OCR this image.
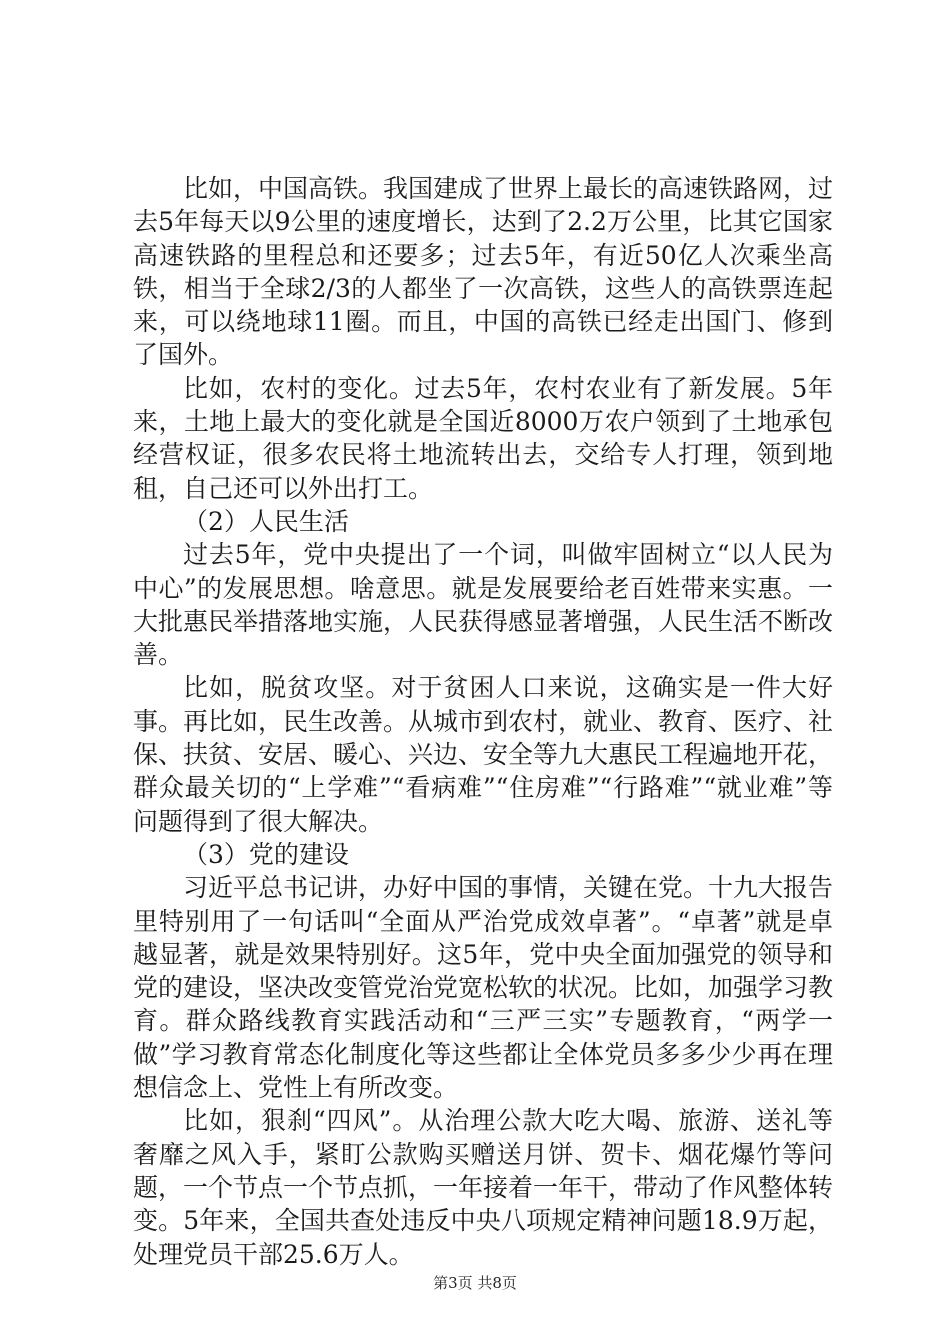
比如，中国高铁。我国建成了世界上最长的高速铁路网，过去5年每天以9公里的速度增长，达到了2.2万公里，比其它国家高速铁路的里程总和还要多；过去5年，有近50亿人次乘坐高铁，相当于全球2/3的人都坐了一次高铁，这些人的高铁票连起来，可以绕地球11圈。而且，中国的高铁已经走出国门、修到了国外。

比如，农村的变化。过去5年，农村农业有了新发展。5年来，土地上最大的变化就是全国近8000万农户领到了土地承包经营权证，很多农民将土地流转出去，交给专人打理，领到地租，自己还可以外出打工。

（2）人民生活

过去5年，党中央提出了一个词，叫做牢固树立“以人民为中心”的发展思想。啥意思。就是发展要给老百姓带来实惠。一大批惠民举措落地实施，人民获得感显著增强，人民生活不断改善。

比如，脱贫攻坚。对于贫困人口来说，这确实是一件大好事。再比如，民生改善。从城市到农村，就业、教育、医疗、社保、扶贫、安居、暖心、兴边、安全等九大惠民工程遍地开花，群众最关切的“上学难”“看病难”“住房难”“行路难”“就业难”等问题得到了很大解决。

（3）党的建设

习近平总书记讲，办好中国的事情，关键在党。十九大报告里特别用了一句话叫“全面从严治党成效卓著”。“卓著”就是卓越显著，就是效果特别好。这5年，党中央全面加强党的领导和党的建设，坚决改变管党治党宽松软的状况。比如，加强学习教育。群众路线教育实践活动和“三严三实”专题教育，“两学一做”学习教育常态化制度化等这些都让全体党员多多少少再在理想信念上、党性上有所改变。

比如，狠刹“四风”。从治理公款大吃大喝、旅游、送礼等奢靡之风入手，紧盯公款购买赠送月饼、贺卡、烟花爆竹等问题，一个节点一个节点抓，一年接着一年干，带动了作风整体转变。5年来，全国共查处违反中央八项规定精神问题18.9万起，处理党员干部25.6万人。

第3页 共8页
